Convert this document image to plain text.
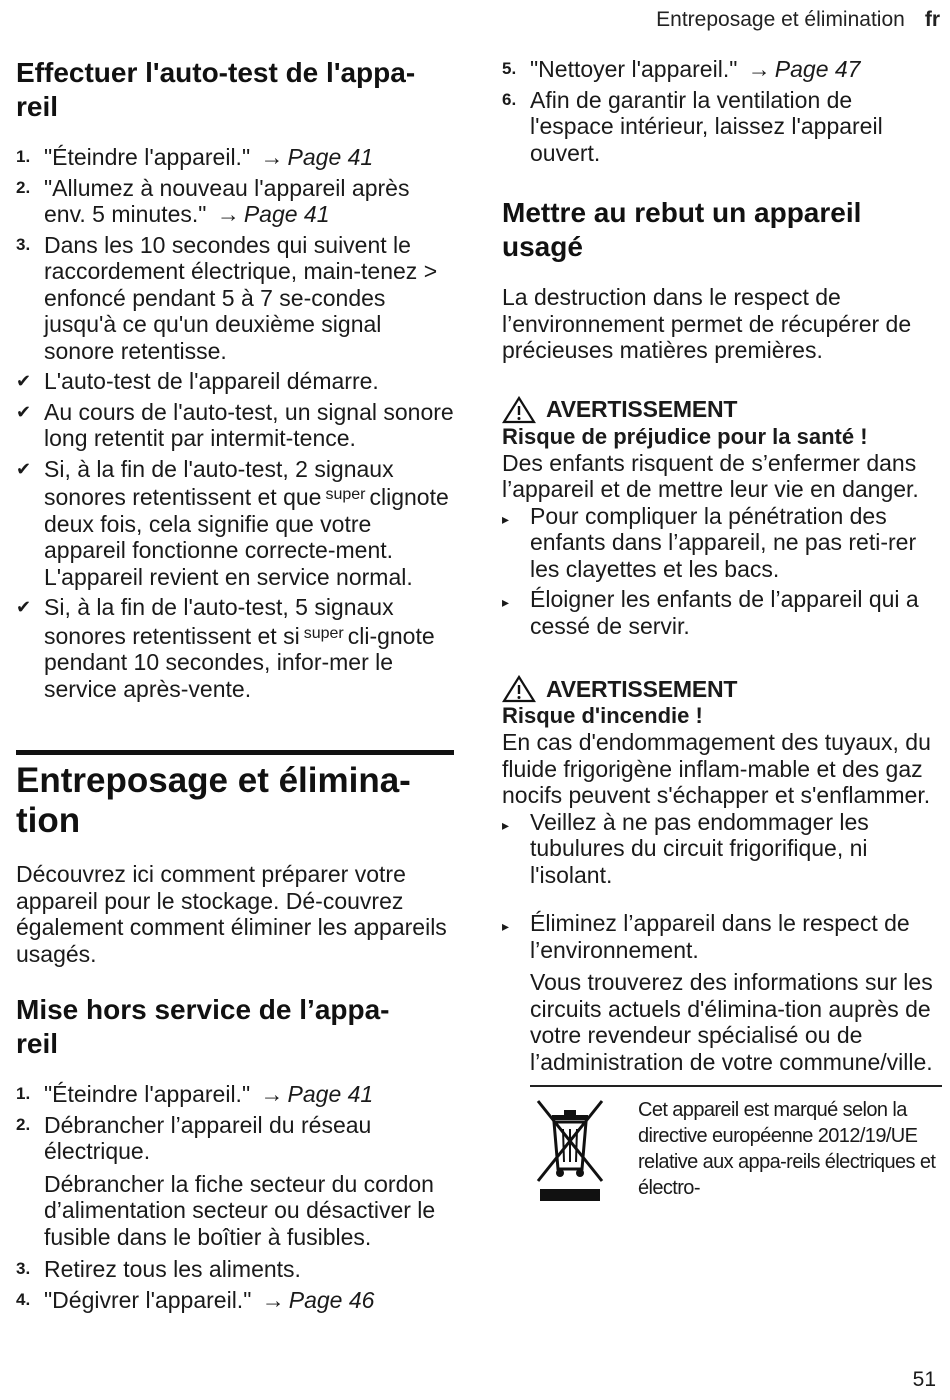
Entreposage et élimination fr
Effectuer l'auto-test de l'appa-
reil
1. "Éteindre l'appareil." → Page 41
2. "Allumez à nouveau l'appareil après env. 5 minutes." → Page 41
3. Dans les 10 secondes qui suivent le raccordement électrique, main-tenez > enfoncé pendant 5 à 7 se-condes jusqu'à ce qu'un deuxième signal sonore retentisse.
✔ L'auto-test de l'appareil démarre.
✔ Au cours de l'auto-test, un signal sonore long retentit par intermit-tence.
✔ Si, à la fin de l'auto-test, 2 signaux sonores retentissent et que $^{super}$ clignote deux fois, cela signifie que votre appareil fonctionne correcte-ment. L'appareil revient en service normal.
✔ Si, à la fin de l'auto-test, 5 signaux sonores retentissent et si $^{super}$ cli-gnote pendant 10 secondes, infor-mer le service après-vente.
Entreposage et élimina-
tion

Découvrez ici comment préparer votre appareil pour le stockage. Dé-couvrez également comment éliminer les appareils usagés.

Mise hors service de l’appa-
reil
1. "Éteindre l'appareil." → Page 41
2. Débrancher l’appareil du réseau électrique.

Débrancher la fiche secteur du cordon d’alimentation secteur ou désactiver le fusible dans le boîtier à fusibles.

3. Retirez tous les aliments.
4. "Dégivrer l'appareil." → Page 46
5. "Nettoyer l'appareil." → Page 47
6. Afin de garantir la ventilation de l'espace intérieur, laissez l'appareil ouvert.
Mettre au rebut un appareil
usagé

La destruction dans le respect de l’environnement permet de récupérer de précieuses matières premières.

AVERTISSEMENT
Risque de préjudice pour la santé !

Des enfants risquent de s’enfermer dans l’appareil et de mettre leur vie en danger.

▸ Pour compliquer la pénétration des enfants dans l’appareil, ne pas reti-rer les clayettes et les bacs.
▸ Éloigner les enfants de l’appareil qui a cessé de servir.
AVERTISSEMENT
Risque d'incendie !

En cas d'endommagement des tuyaux, du fluide frigorigène inflam-mable et des gaz nocifs peuvent s'échapper et s'enflammer.

▸ Veillez à ne pas endommager les tubulures du circuit frigorifique, ni l'isolant.
▸ Éliminez l’appareil dans le respect de l’environnement.

Vous trouverez des informations sur les circuits actuels d'élimina-tion auprès de votre revendeur spécialisé ou de l’administration de votre commune/ville.

Cet appareil est marqué selon la directive européenne 2012/19/UE relative aux appa-reils électriques et électro-
51
